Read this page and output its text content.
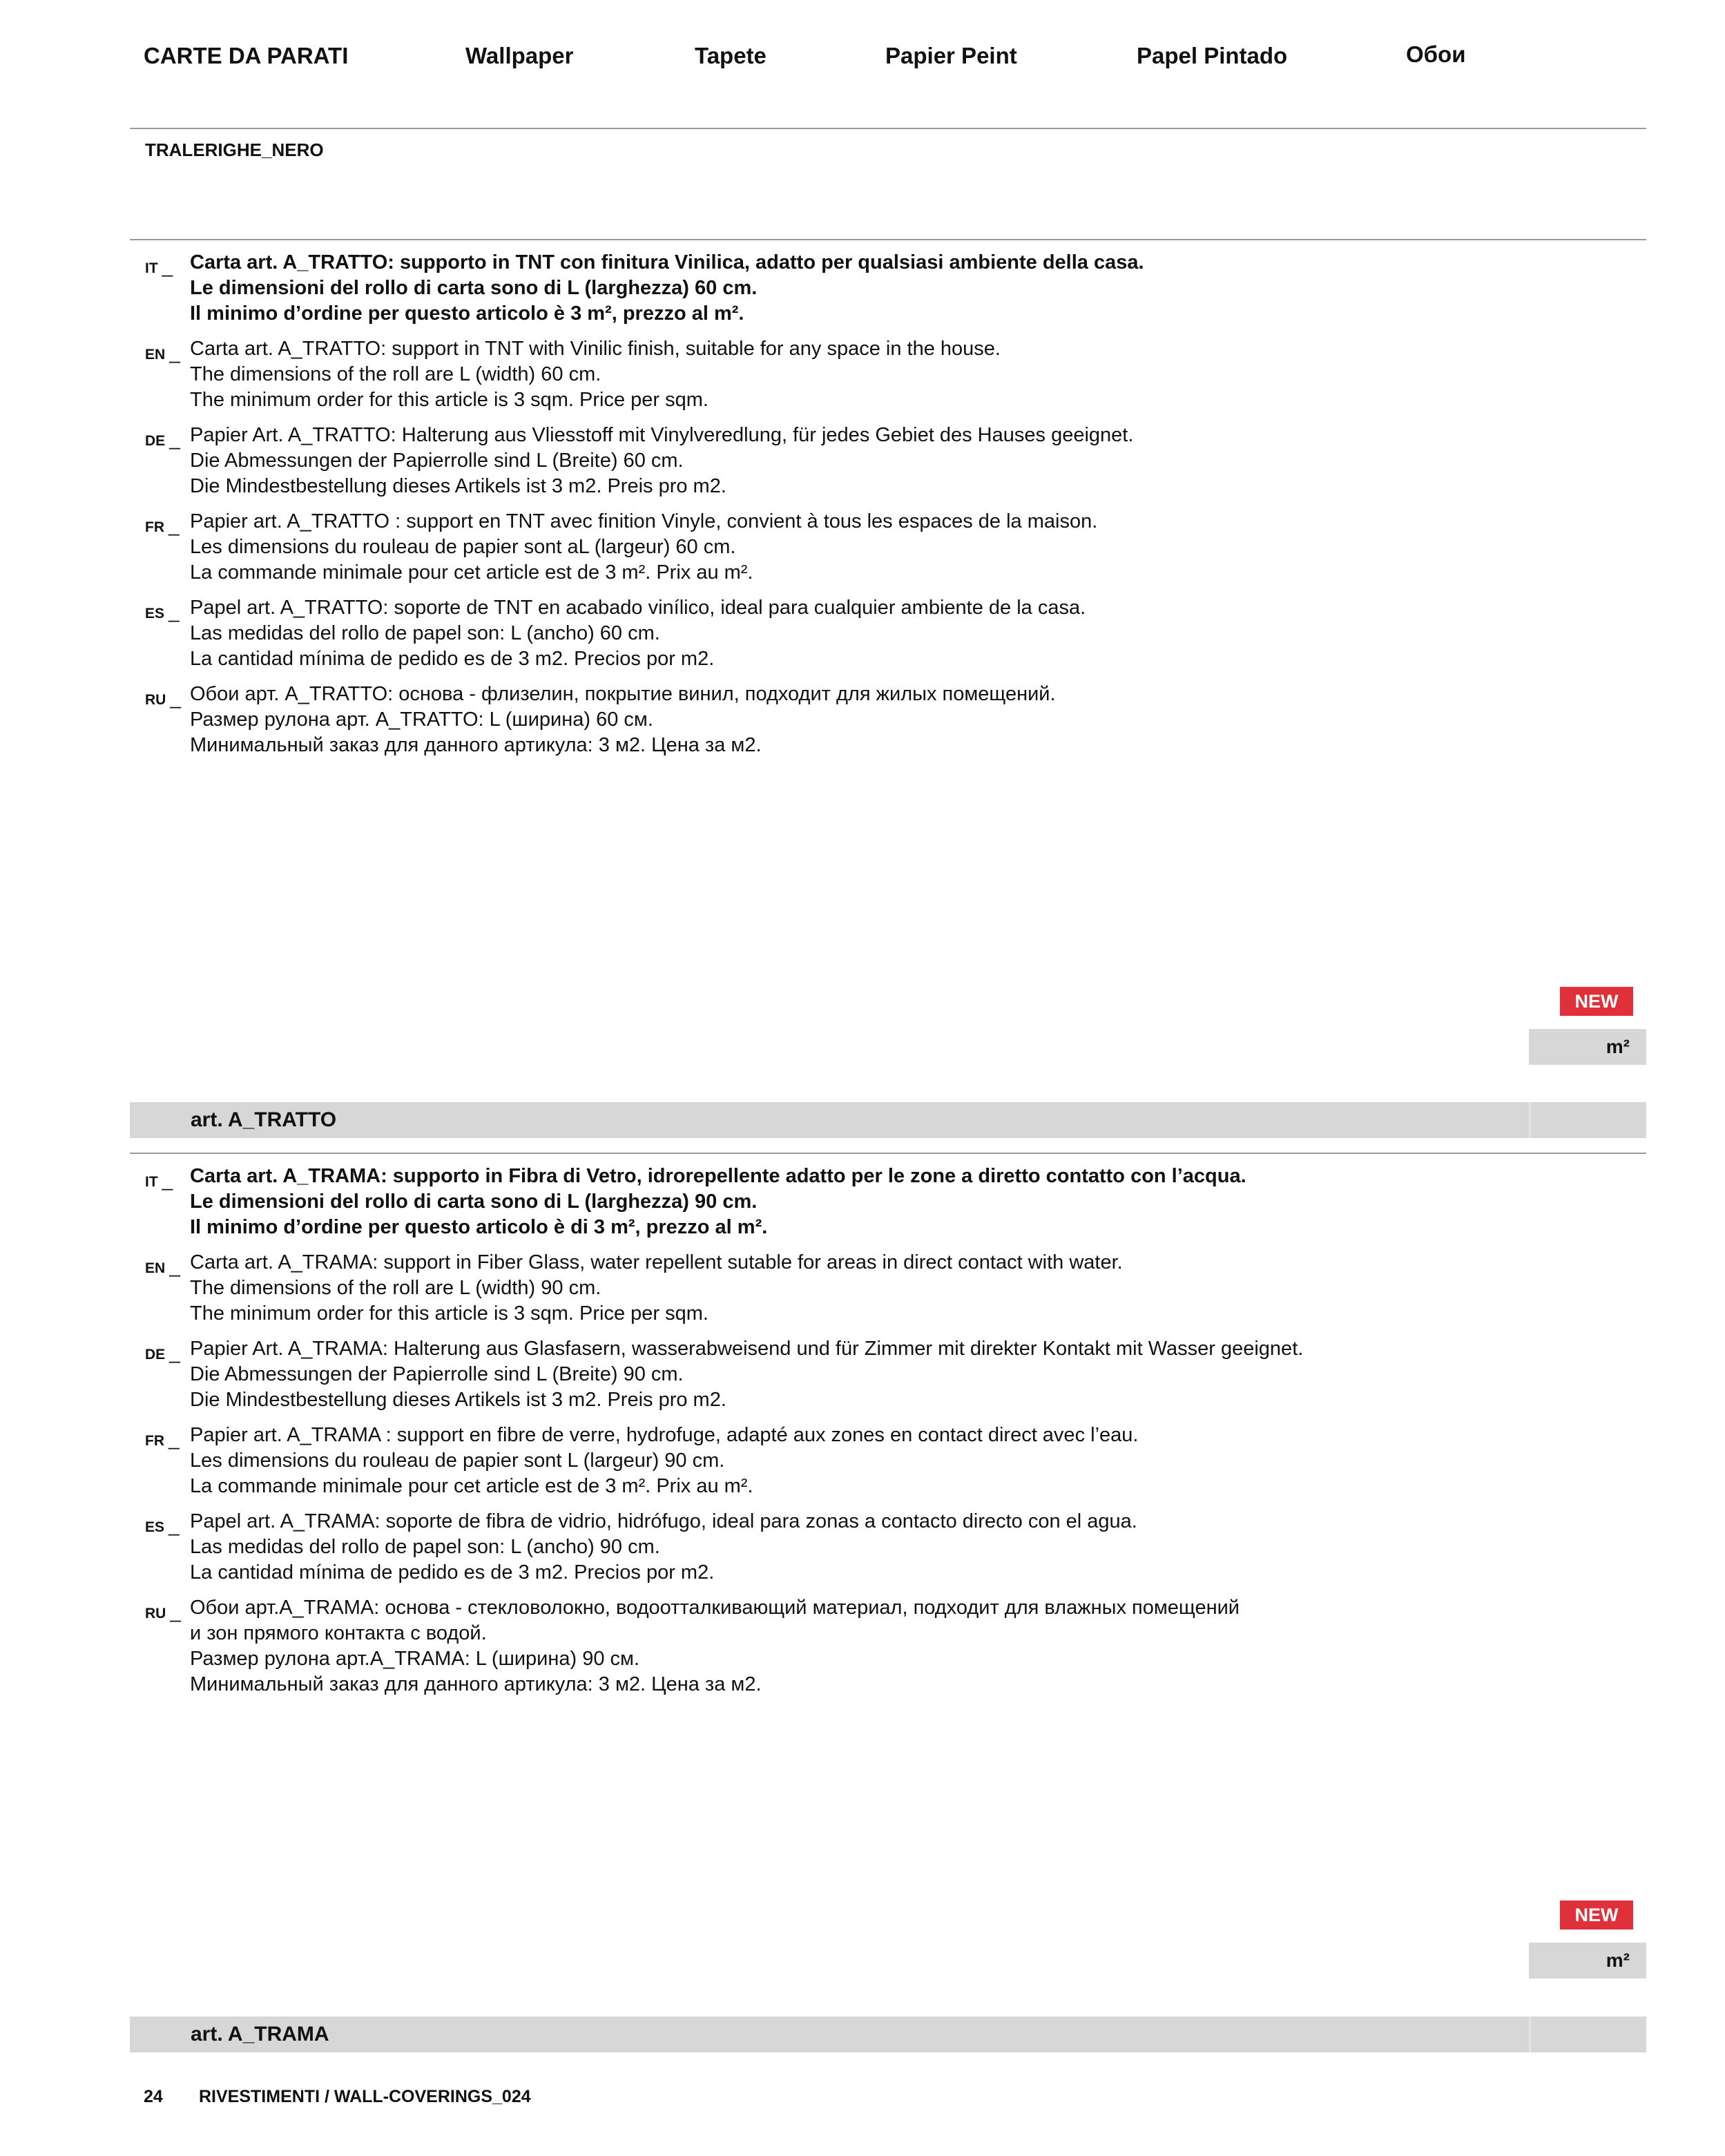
CARTE DA PARATI	Wallpaper	Tapete	Papier Peint	Papel Pintado	Обои
TRALERIGHE_NERO
IT _ Carta art. A_TRATTO: supporto in TNT con finitura Vinilica, adatto per qualsiasi ambiente della casa.
Le dimensioni del rollo di carta sono di L (larghezza) 60 cm.
Il minimo d’ordine per questo articolo è 3 m², prezzo al m².
EN _ Carta art. A_TRATTO: support in TNT with Vinilic finish, suitable for any space in the house.
The dimensions of the roll are L (width) 60 cm.
The minimum order for this article is 3 sqm. Price per sqm.
DE _ Papier Art. A_TRATTO: Halterung aus Vliesstoff mit Vinylveredlung, für jedes Gebiet des Hauses geeignet.
Die Abmessungen der Papierrolle sind L (Breite) 60 cm.
Die Mindestbestellung dieses Artikels ist 3 m2. Preis pro m2.
FR _ Papier art. A_TRATTO : support en TNT avec finition Vinyle, convient à tous les espaces de la maison.
Les dimensions du rouleau de papier sont aL (largeur) 60 cm.
La commande minimale pour cet article est de 3 m². Prix au m².
ES _ Papel art. A_TRATTO: soporte de TNT en acabado vinílico, ideal para cualquier ambiente de la casa.
Las medidas del rollo de papel son: L (ancho) 60 cm.
La cantidad mínima de pedido es de 3 m2. Precios por m2.
RU _ Обои арт. A_TRATTO: основа - флизелин, покрытие винил, подходит для жилых помещений.
Размер рулона арт. A_TRATTO: L (ширина) 60 см.
Минимальный заказ для данного артикула: 3 м2. Цена за м2.
NEW
m²
art. A_TRATTO
IT _ Carta art. A_TRAMA: supporto in Fibra di Vetro, idrorepellente adatto per le zone a diretto contatto con l’acqua.
Le dimensioni del rollo di carta sono di L (larghezza) 90 cm.
Il minimo d’ordine per questo articolo è di 3 m², prezzo al m².
EN _ Carta art. A_TRAMA: support in Fiber Glass, water repellent sutable for areas in direct contact with water.
The dimensions of the roll are L (width) 90 cm.
The minimum order for this article is 3 sqm. Price per sqm.
DE _ Papier Art. A_TRAMA: Halterung aus Glasfasern, wasserabweisend und für Zimmer mit direkter Kontakt mit Wasser geeignet.
Die Abmessungen der Papierrolle sind L (Breite) 90 cm.
Die Mindestbestellung dieses Artikels ist 3 m2. Preis pro m2.
FR _ Papier art. A_TRAMA : support en fibre de verre, hydrofuge, adapté aux zones en contact direct avec l’eau.
Les dimensions du rouleau de papier sont L (largeur) 90 cm.
La commande minimale pour cet article est de 3 m². Prix au m².
ES _ Papel art. A_TRAMA: soporte de fibra de vidrio, hidrófugo, ideal para zonas a contacto directo con el agua.
Las medidas del rollo de papel son: L (ancho) 90 cm.
La cantidad mínima de pedido es de 3 m2. Precios por m2.
RU _ Обои арт.A_TRAMA: основа - стекловолокно, водоотталкивающий материал, подходит для влажных помещений
и зон прямого контакта с водой.
Размер рулона арт.A_TRAMA: L (ширина) 90 см.
Минимальный заказ для данного артикула: 3 м2. Цена за м2.
NEW
m²
art. A_TRAMA
24 RIVESTIMENTI / WALL-COVERINGS_024
